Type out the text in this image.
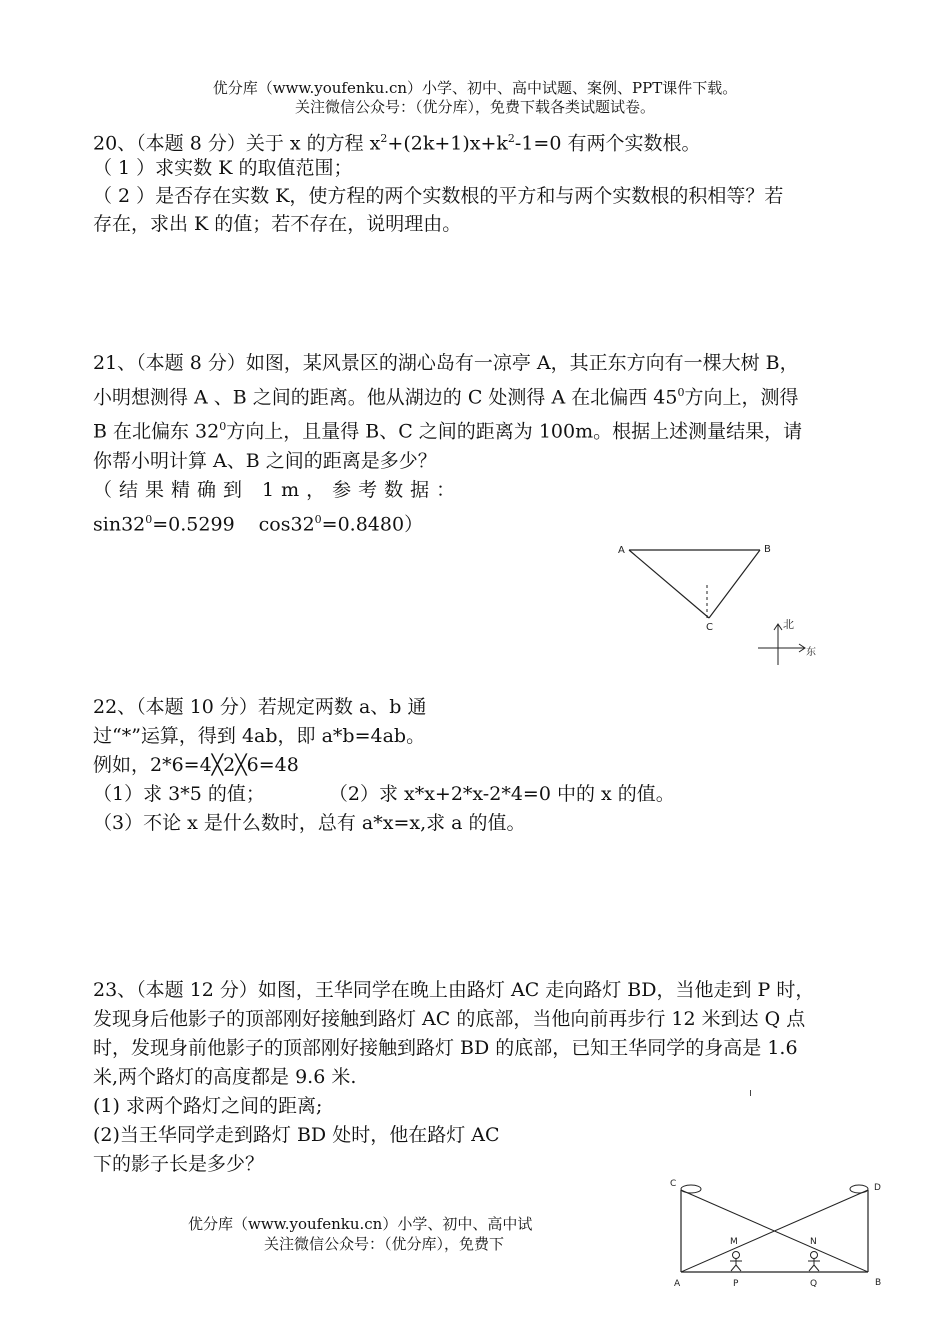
优分库（www.youfenku.cn）小学、初中、高中试题、案例、PPT课件下载。
关注微信公众号：（优分库），免费下载各类试题试卷。
20、（本题 8 分）关于 x 的方程 $x^2+(2k+1)x+k^2-1=0$ 有两个实数根。
（ 1 ）求实数 K 的取值范围；
（ 2 ）是否存在实数 K，使方程的两个实数根的平方和与两个实数根的积相等？若
存在，求出 K 的值；若不存在，说明理由。

21、（本题 8 分）如图，某风景区的湖心岛有一凉亭 A，其正东方向有一棵大树 B，

小明想测得 A 、B 之间的距离。他从湖边的 C 处测得 A 在北偏西 $45^0$方向上，测得

B 在北偏东 $32^0$方向上，且量得 B、C 之间的距离为 100m。根据上述测量结果，请

你帮小明计算 A、B 之间的距离是多少？

（结果精确到 1m，参考数据：

$\sin 32^0=0.5299$ $\cos 32^0=0.8480$）

A	B
C	北
东

22、（本题 10 分）若规定两数 a、b 通

过“*”运算，得到 4ab，即 a*b=4ab。

例如，2*6=4╳2╳6=48

（1）求 3*5 的值；	（2）求 x*x+2*x-2*4=0 中的 x 的值。

（3）不论 x 是什么数时，总有 a*x=x,求 a 的值。

23、（本题 12 分）如图，王华同学在晚上由路灯 AC 走向路灯 BD，当他走到 P 时，

发现身后他影子的顶部刚好接触到路灯 AC 的底部，当他向前再步行 12 米到达 Q 点

时，发现身前他影子的顶部刚好接触到路灯 BD 的底部，已知王华同学的身高是 1.6

米,两个路灯的高度都是 9.6 米.

(1) 求两个路灯之间的距离;

(2)当王华同学走到路灯 BD 处时，他在路灯 AC

下的影子长是多少？

C	D
M	N
A	P	Q	B
优分库（www.youfenku.cn）小学、初中、高中试
关注微信公众号：（优分库），免费下
